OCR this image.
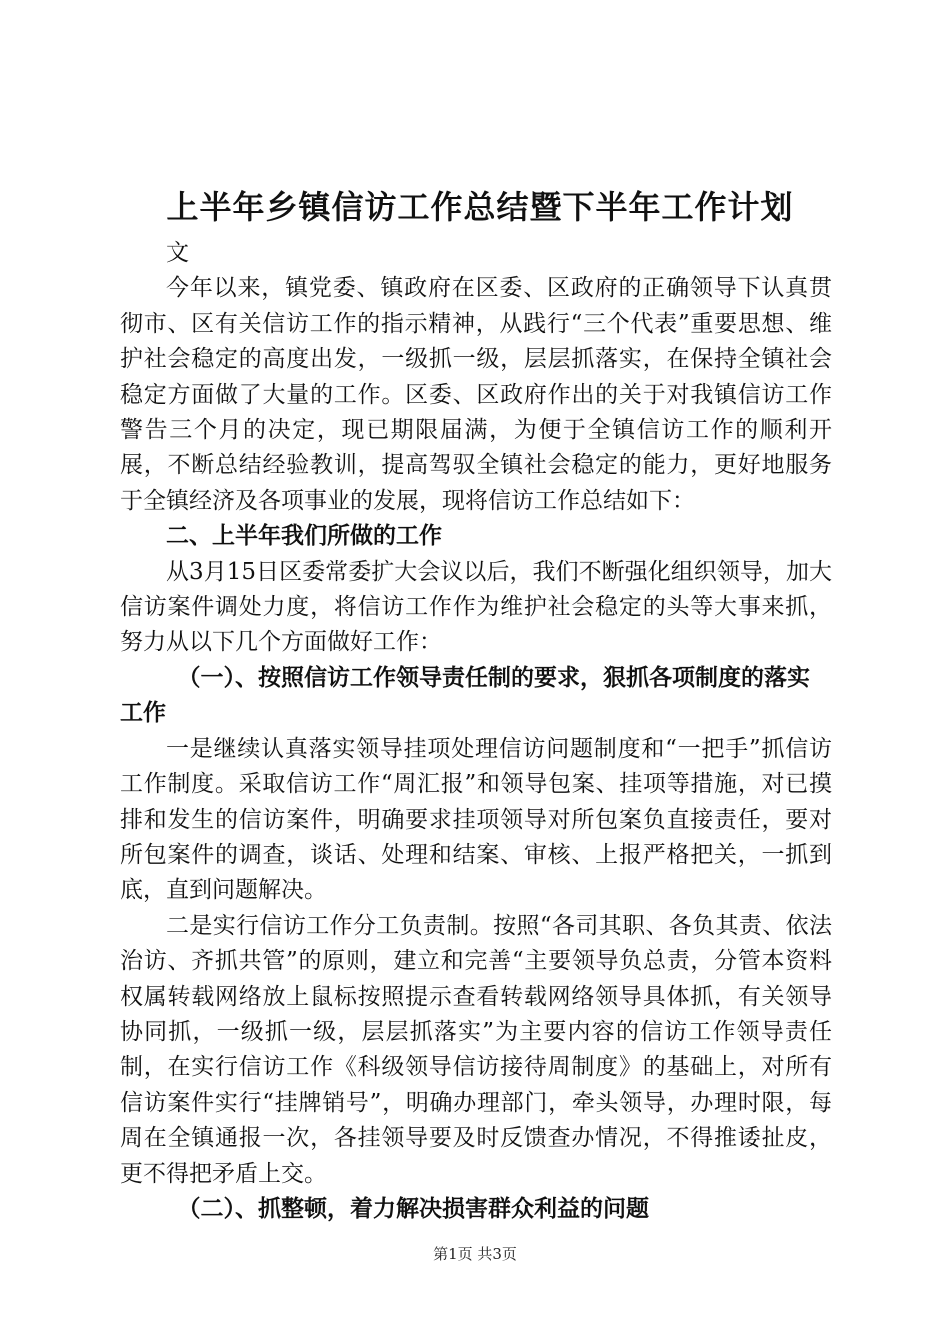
上半年乡镇信访工作总结暨下半年工作计划

文

今年以来，镇党委、镇政府在区委、区政府的正确领导下认真贯彻市、区有关信访工作的指示精神，从践行“三个代表”重要思想、维护社会稳定的高度出发，一级抓一级，层层抓落实，在保持全镇社会稳定方面做了大量的工作。区委、区政府作出的关于对我镇信访工作警告三个月的决定，现已期限届满，为便于全镇信访工作的顺利开展，不断总结经验教训，提高驾驭全镇社会稳定的能力，更好地服务于全镇经济及各项事业的发展，现将信访工作总结如下：

二、上半年我们所做的工作

从3月15日区委常委扩大会议以后，我们不断强化组织领导，加大信访案件调处力度，将信访工作作为维护社会稳定的头等大事来抓，努力从以下几个方面做好工作：

（一）、按照信访工作领导责任制的要求，狠抓各项制度的落实工作

一是继续认真落实领导挂项处理信访问题制度和“一把手”抓信访工作制度。采取信访工作“周汇报”和领导包案、挂项等措施，对已摸排和发生的信访案件，明确要求挂项领导对所包案负直接责任，要对所包案件的调查，谈话、处理和结案、审核、上报严格把关，一抓到底，直到问题解决。

二是实行信访工作分工负责制。按照“各司其职、各负其责、依法治访、齐抓共管”的原则，建立和完善“主要领导负总责，分管本资料权属转载网络放上鼠标按照提示查看转载网络领导具体抓，有关领导协同抓，一级抓一级，层层抓落实”为主要内容的信访工作领导责任制，在实行信访工作《科级领导信访接待周制度》的基础上，对所有信访案件实行“挂牌销号”，明确办理部门，牵头领导，办理时限，每周在全镇通报一次，各挂领导要及时反馈查办情况，不得推诿扯皮，更不得把矛盾上交。

（二）、抓整顿，着力解决损害群众利益的问题

第1页 共3页
